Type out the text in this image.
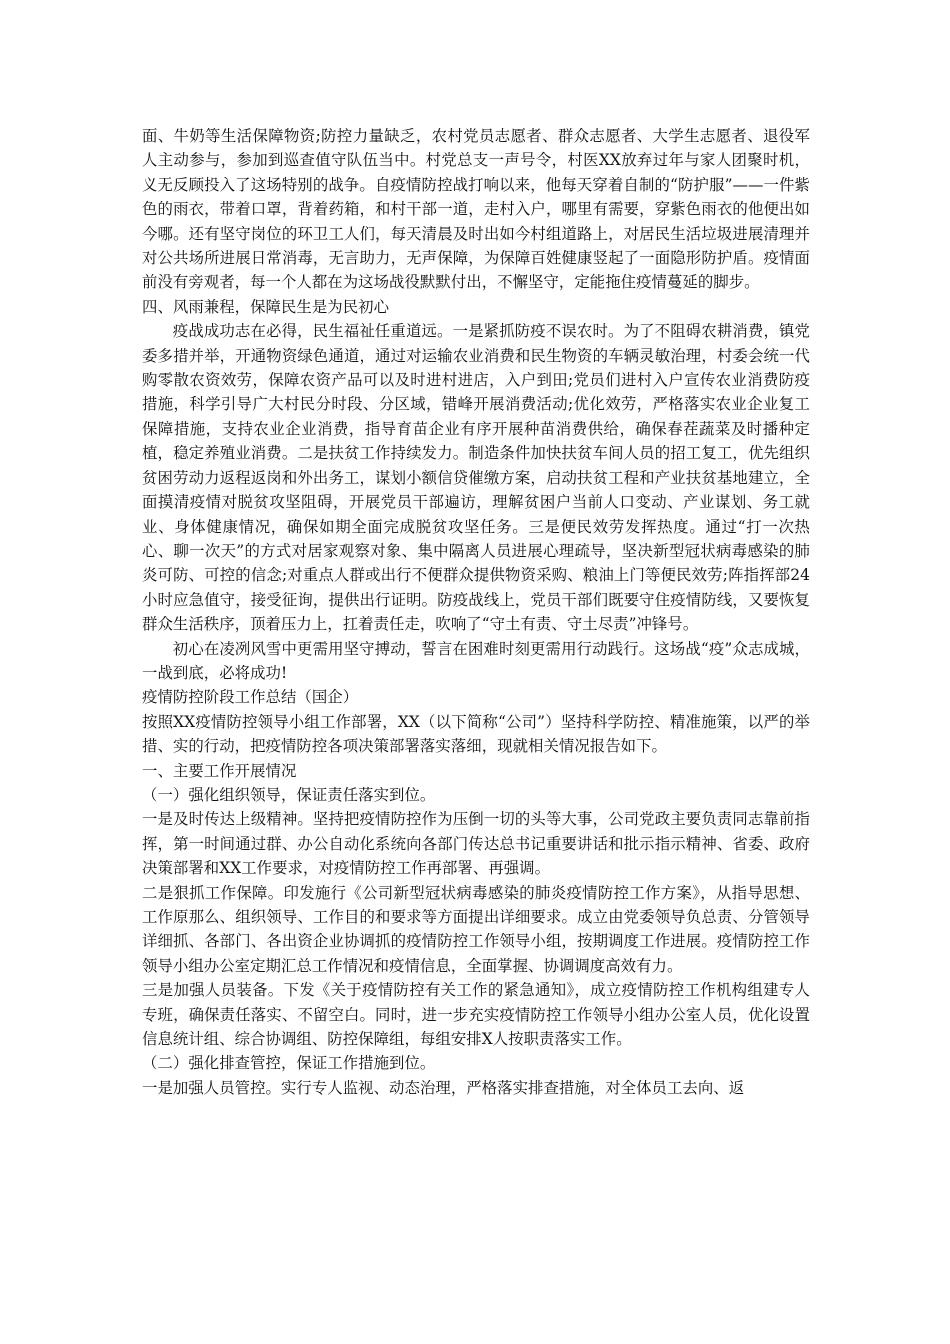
面、牛奶等生活保障物资;防控力量缺乏，农村党员志愿者、群众志愿者、大学生志愿者、退役军人主动参与，参加到巡查值守队伍当中。村党总支一声号令，村医XX放弃过年与家人团聚时机，义无反顾投入了这场特别的战争。自疫情防控战打响以来，他每天穿着自制的“防护服”——一件紫色的雨衣，带着口罩，背着药箱，和村干部一道，走村入户，哪里有需要，穿紫色雨衣的他便出如今哪。还有坚守岗位的环卫工人们，每天清晨及时出如今村组道路上，对居民生活垃圾进展清理并对公共场所进展日常消毒，无言助力，无声保障，为保障百姓健康竖起了一面隐形防护盾。疫情面前没有旁观者，每一个人都在为这场战役默默付出，不懈坚守，定能拖住疫情蔓延的脚步。

四、风雨兼程，保障民生是为民初心

疫战成功志在必得，民生福祉任重道远。一是紧抓防疫不误农时。为了不阻碍农耕消费，镇党委多措并举，开通物资绿色通道，通过对运输农业消费和民生物资的车辆灵敏治理，村委会统一代购零散农资效劳，保障农资产品可以及时进村进店，入户到田;党员们进村入户宣传农业消费防疫措施，科学引导广大村民分时段、分区域，错峰开展消费活动;优化效劳，严格落实农业企业复工保障措施，支持农业企业消费，指导育苗企业有序开展种苗消费供给，确保春茬蔬菜及时播种定植，稳定养殖业消费。二是扶贫工作持续发力。制造条件加快扶贫车间人员的招工复工，优先组织贫困劳动力返程返岗和外出务工，谋划小额信贷催缴方案，启动扶贫工程和产业扶贫基地建立，全面摸清疫情对脱贫攻坚阻碍，开展党员干部遍访，理解贫困户当前人口变动、产业谋划、务工就业、身体健康情况，确保如期全面完成脱贫攻坚任务。三是便民效劳发挥热度。通过“打一次热心、聊一次天”的方式对居家观察对象、集中隔离人员进展心理疏导，坚决新型冠状病毒感染的肺炎可防、可控的信念;对重点人群或出行不便群众提供物资采购、粮油上门等便民效劳;阵指挥部24小时应急值守，接受征询，提供出行证明。防疫战线上，党员干部们既要守住疫情防线，又要恢复群众生活秩序，顶着压力上，扛着责任走，吹响了“守土有责、守土尽责”冲锋号。

初心在凌冽风雪中更需用坚守搏动，誓言在困难时刻更需用行动践行。这场战“疫”众志成城，一战到底，必将成功!

疫情防控阶段工作总结（国企）

按照XX疫情防控领导小组工作部署，XX（以下简称“公司”）坚持科学防控、精准施策，以严的举措、实的行动，把疫情防控各项决策部署落实落细，现就相关情况报告如下。

一、主要工作开展情况

（一）强化组织领导，保证责任落实到位。

一是及时传达上级精神。坚持把疫情防控作为压倒一切的头等大事，公司党政主要负责同志靠前指挥，第一时间通过群、办公自动化系统向各部门传达总书记重要讲话和批示指示精神、省委、政府决策部署和XX工作要求，对疫情防控工作再部署、再强调。

二是狠抓工作保障。印发施行《公司新型冠状病毒感染的肺炎疫情防控工作方案》，从指导思想、工作原那么、组织领导、工作目的和要求等方面提出详细要求。成立由党委领导负总责、分管领导详细抓、各部门、各出资企业协调抓的疫情防控工作领导小组，按期调度工作进展。疫情防控工作领导小组办公室定期汇总工作情况和疫情信息，全面掌握、协调调度高效有力。

三是加强人员装备。下发《关于疫情防控有关工作的紧急通知》，成立疫情防控工作机构组建专人专班，确保责任落实、不留空白。同时，进一步充实疫情防控工作领导小组办公室人员，优化设置信息统计组、综合协调组、防控保障组，每组安排X人按职责落实工作。

（二）强化排查管控，保证工作措施到位。

一是加强人员管控。实行专人监视、动态治理，严格落实排查措施，对全体员工去向、返
